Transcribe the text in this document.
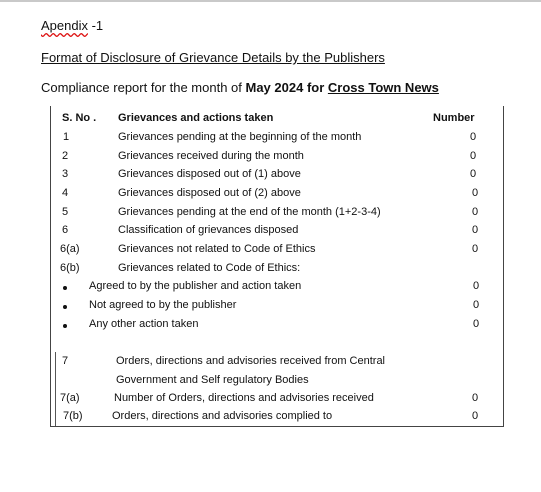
Apendix -1
Format of Disclosure of Grievance Details by the Publishers
Compliance report for the month of May 2024 for Cross Town News
S. No . Grievances and actions taken	Number
1	Grievances pending at the beginning of the month	0
2	Grievances received during the month	0
3	Grievances disposed out of (1) above	0
4	Grievances disposed out of (2) above	0
5	Grievances pending at the end of the month (1+2-3-4)	0
6	Classification of grievances disposed	0
6(a)	Grievances not related to Code of Ethics	0
6(b)	Grievances related to Code of Ethics:
Agreed to by the publisher and action taken	0
Not agreed to by the publisher	0
Any other action taken	0
7	Orders, directions and advisories received from Central
Government and Self regulatory Bodies
7(a)	Number of Orders, directions and advisories received	0
7(b)	Orders, directions and advisories complied to	0
